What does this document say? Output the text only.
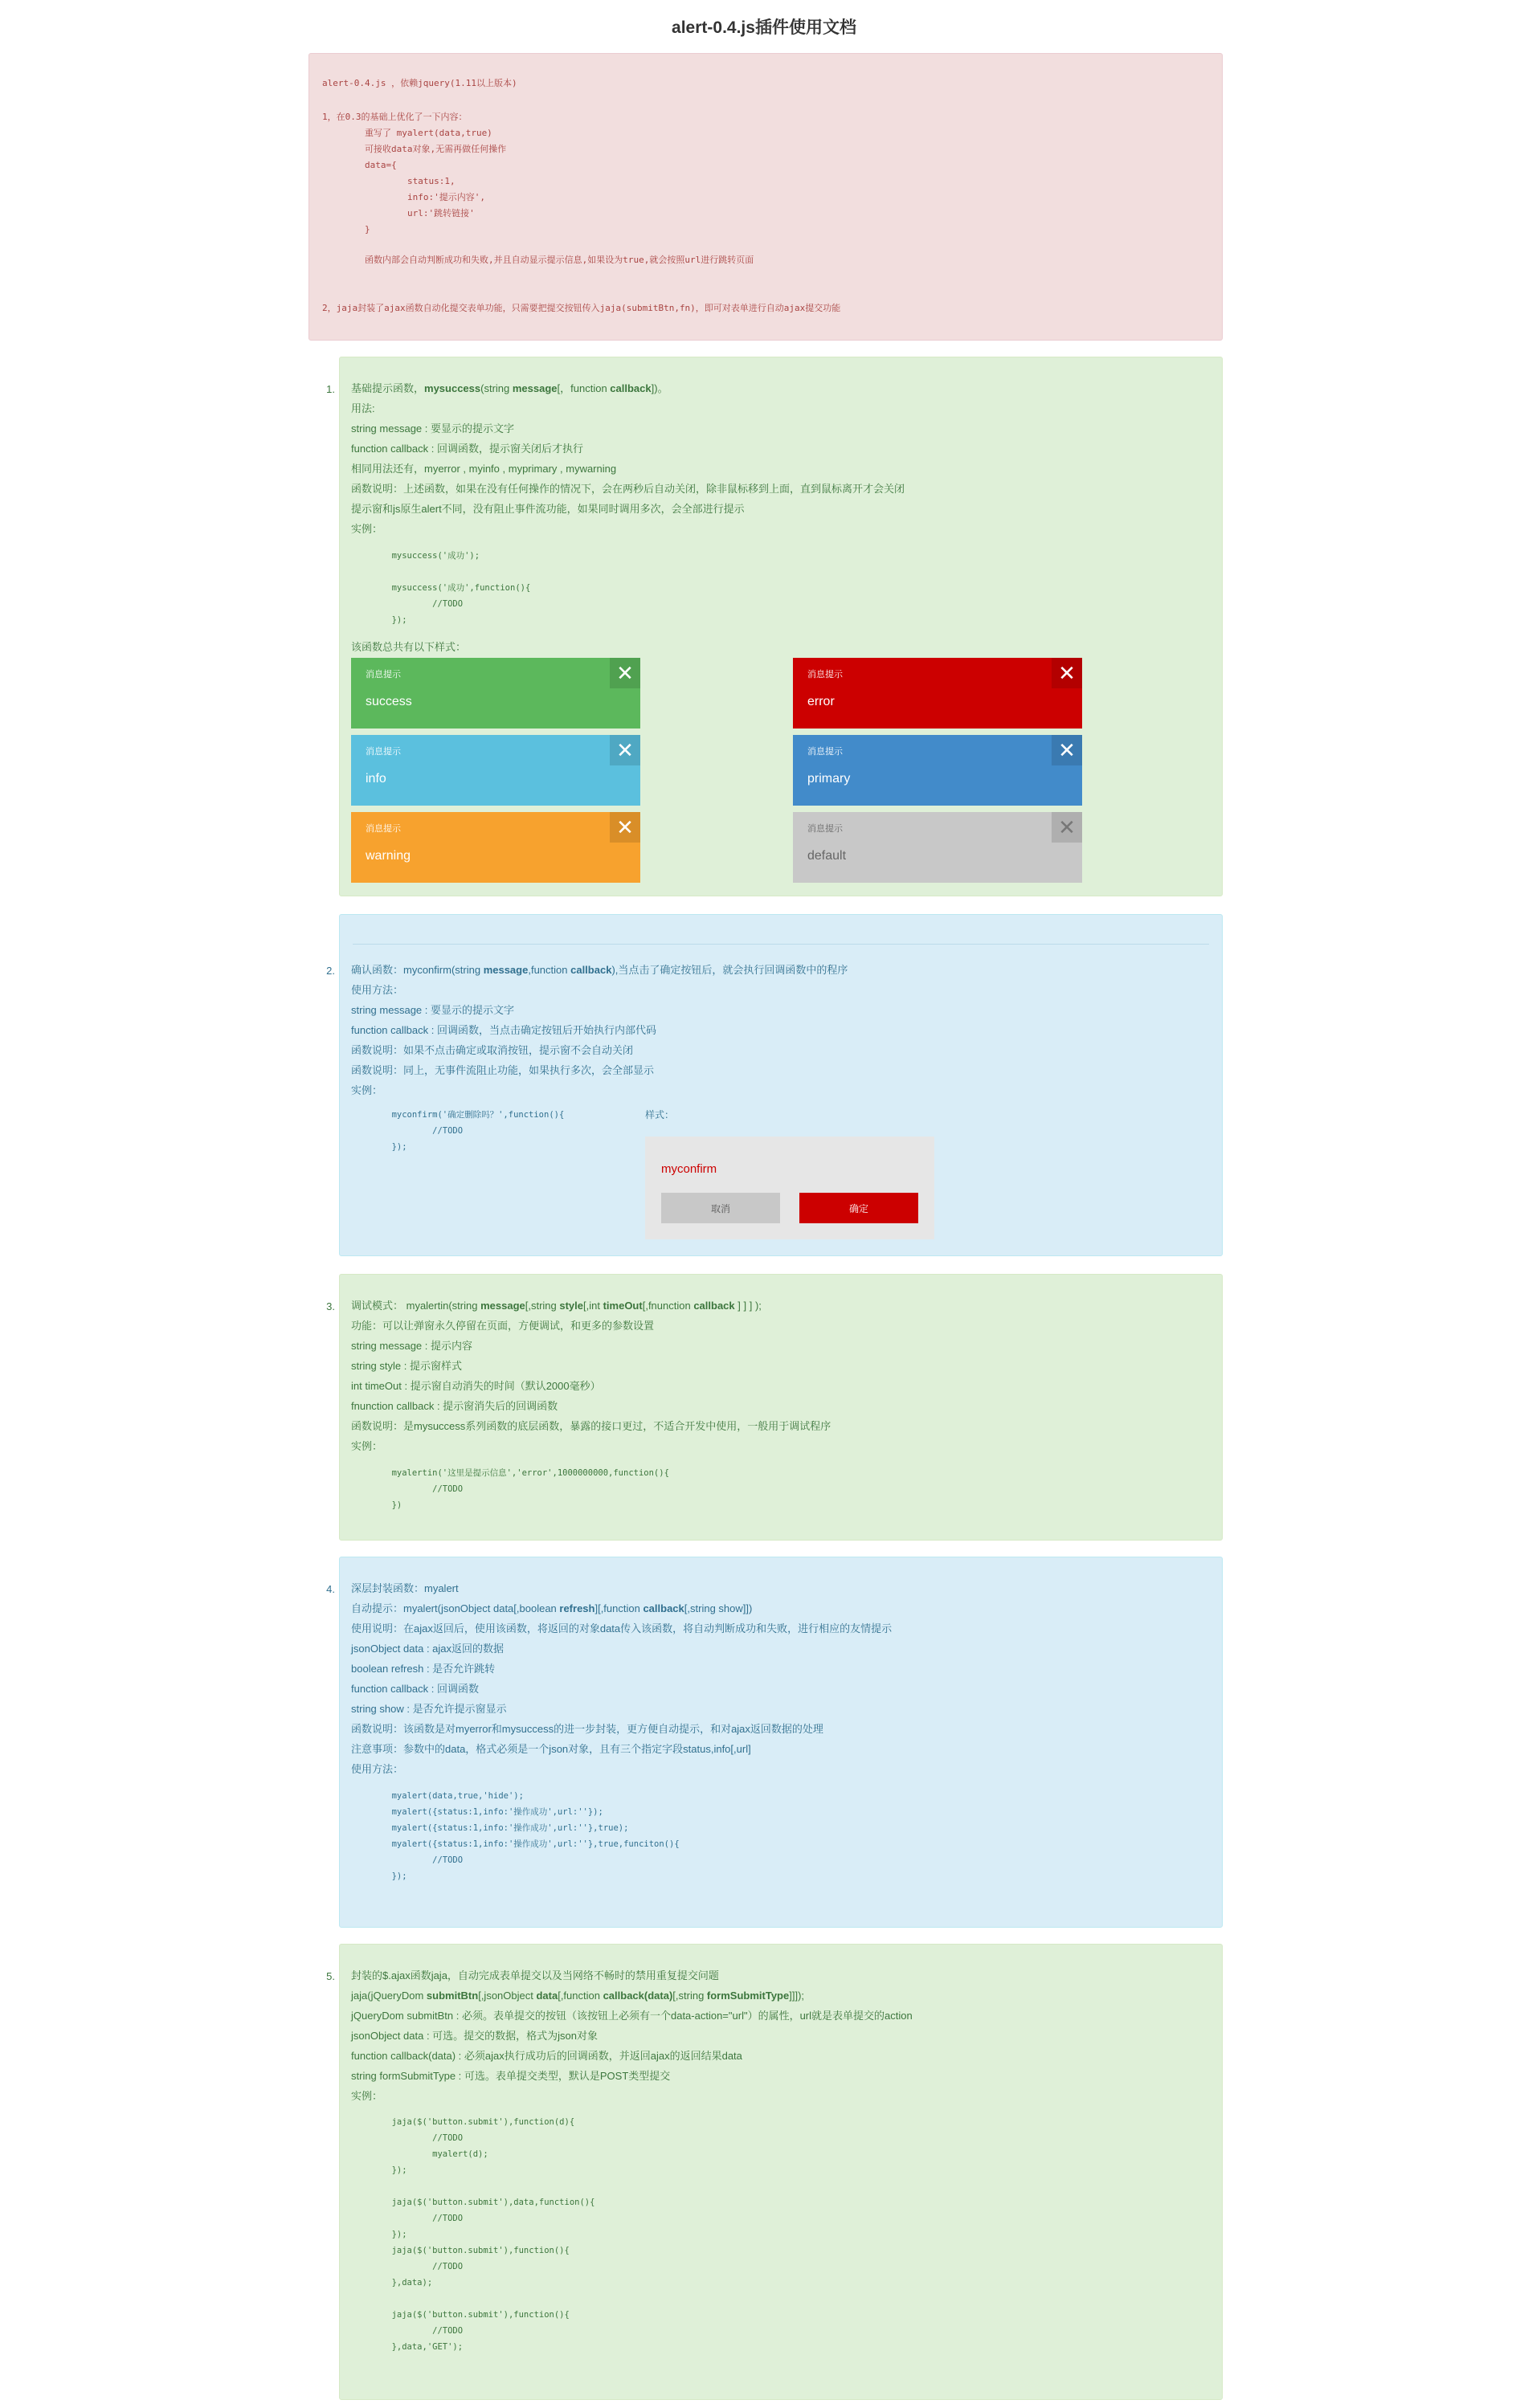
alert-0.4.js插件使用文档
alert-0.4.js ，依赖jquery(1.11以上版本)
1，在0.3的基础上优化了一下内容：
重写了 myalert(data,true)
可接收data对象,无需再做任何操作
data={
status:1,
info:'提示内容',
url:'跳转链接'
}
函数内部会自动判断成功和失败,并且自动显示提示信息,如果设为true,就会按照url进行跳转页面
2，jaja封装了ajax函数自动化提交表单功能，只需要把提交按钮传入jaja(submitBtn,fn)，即可对表单进行自动ajax提交功能
1. 基础提示函数，mysuccess(string message[，function callback])。
用法:
string message : 要显示的提示文字
function callback : 回调函数，提示窗关闭后才执行
相同用法还有，myerror , myinfo , myprimary , mywarning
函数说明：上述函数，如果在没有任何操作的情况下，会在两秒后自动关闭，除非鼠标移到上面，直到鼠标离开才会关闭
提示窗和js原生alert不同，没有阻止事件流功能，如果同时调用多次，会全部进行提示
实例：
mysuccess('成功');
mysuccess('成功',function(){
//TODO
});
该函数总共有以下样式：
消息提示
success
✕	消息提示
error
✕
消息提示
info
✕	消息提示
primary
✕
消息提示
warning
✕	消息提示
default
✕
2. 确认函数：myconfirm(string message,function callback),当点击了确定按钮后，就会执行回调函数中的程序
使用方法：
string message : 要显示的提示文字
function callback : 回调函数，当点击确定按钮后开始执行内部代码
函数说明：如果不点击确定或取消按钮，提示窗不会自动关闭
函数说明：同上，无事件流阻止功能，如果执行多次，会全部显示
实例：
myconfirm('确定删除吗？',function(){
//TODO
});
样式：
myconfirm
取消	确定
3. 调试模式： myalertin(string message[,string style[,int timeOut[,fnunction callback ] ] ] );
功能：可以让弹窗永久停留在页面，方便调试，和更多的参数设置
string message : 提示内容
string style : 提示窗样式
int timeOut : 提示窗自动消失的时间（默认2000毫秒）
fnunction callback : 提示窗消失后的回调函数
函数说明：是mysuccess系列函数的底层函数，暴露的接口更过，不适合开发中使用，一般用于调试程序
实例：
myalertin('这里是提示信息','error',1000000000,function(){
//TODO
})
4. 深层封装函数：myalert
自动提示：myalert(jsonObject data[,boolean refresh][,function callback[,string show]])
使用说明：在ajax返回后，使用该函数，将返回的对象data传入该函数，将自动判断成功和失败，进行相应的友情提示
jsonObject data : ajax返回的数据
boolean refresh : 是否允许跳转
function callback : 回调函数
string show : 是否允许提示窗显示
函数说明：该函数是对myerror和mysuccess的进一步封装，更方便自动提示，和对ajax返回数据的处理
注意事项：参数中的data，格式必须是一个json对象，且有三个指定字段status,info[,url]
使用方法：
myalert(data,true,'hide');
myalert({status:1,info:'操作成功',url:''});
myalert({status:1,info:'操作成功',url:''},true);
myalert({status:1,info:'操作成功',url:''},true,funciton(){
//TODO
});
5. 封装的$.ajax函数jaja，自动完成表单提交以及当网络不畅时的禁用重复提交问题
jaja(jQueryDom submitBtn[,jsonObject data[,function callback(data)[,string formSubmitType]]]);
jQueryDom submitBtn : 必须。表单提交的按钮（该按钮上必须有一个data-action="url"）的属性，url就是表单提交的action
jsonObject data : 可选。提交的数据，格式为json对象
function callback(data) : 必须ajax执行成功后的回调函数，并返回ajax的返回结果data
string formSubmitType : 可选。表单提交类型，默认是POST类型提交
实例：
jaja($('button.submit'),function(d){
//TODO
myalert(d);
});
jaja($('button.submit'),data,function(){
//TODO
});
jaja($('button.submit'),function(){
//TODO
},data);
jaja($('button.submit'),function(){
//TODO
},data,'GET');
